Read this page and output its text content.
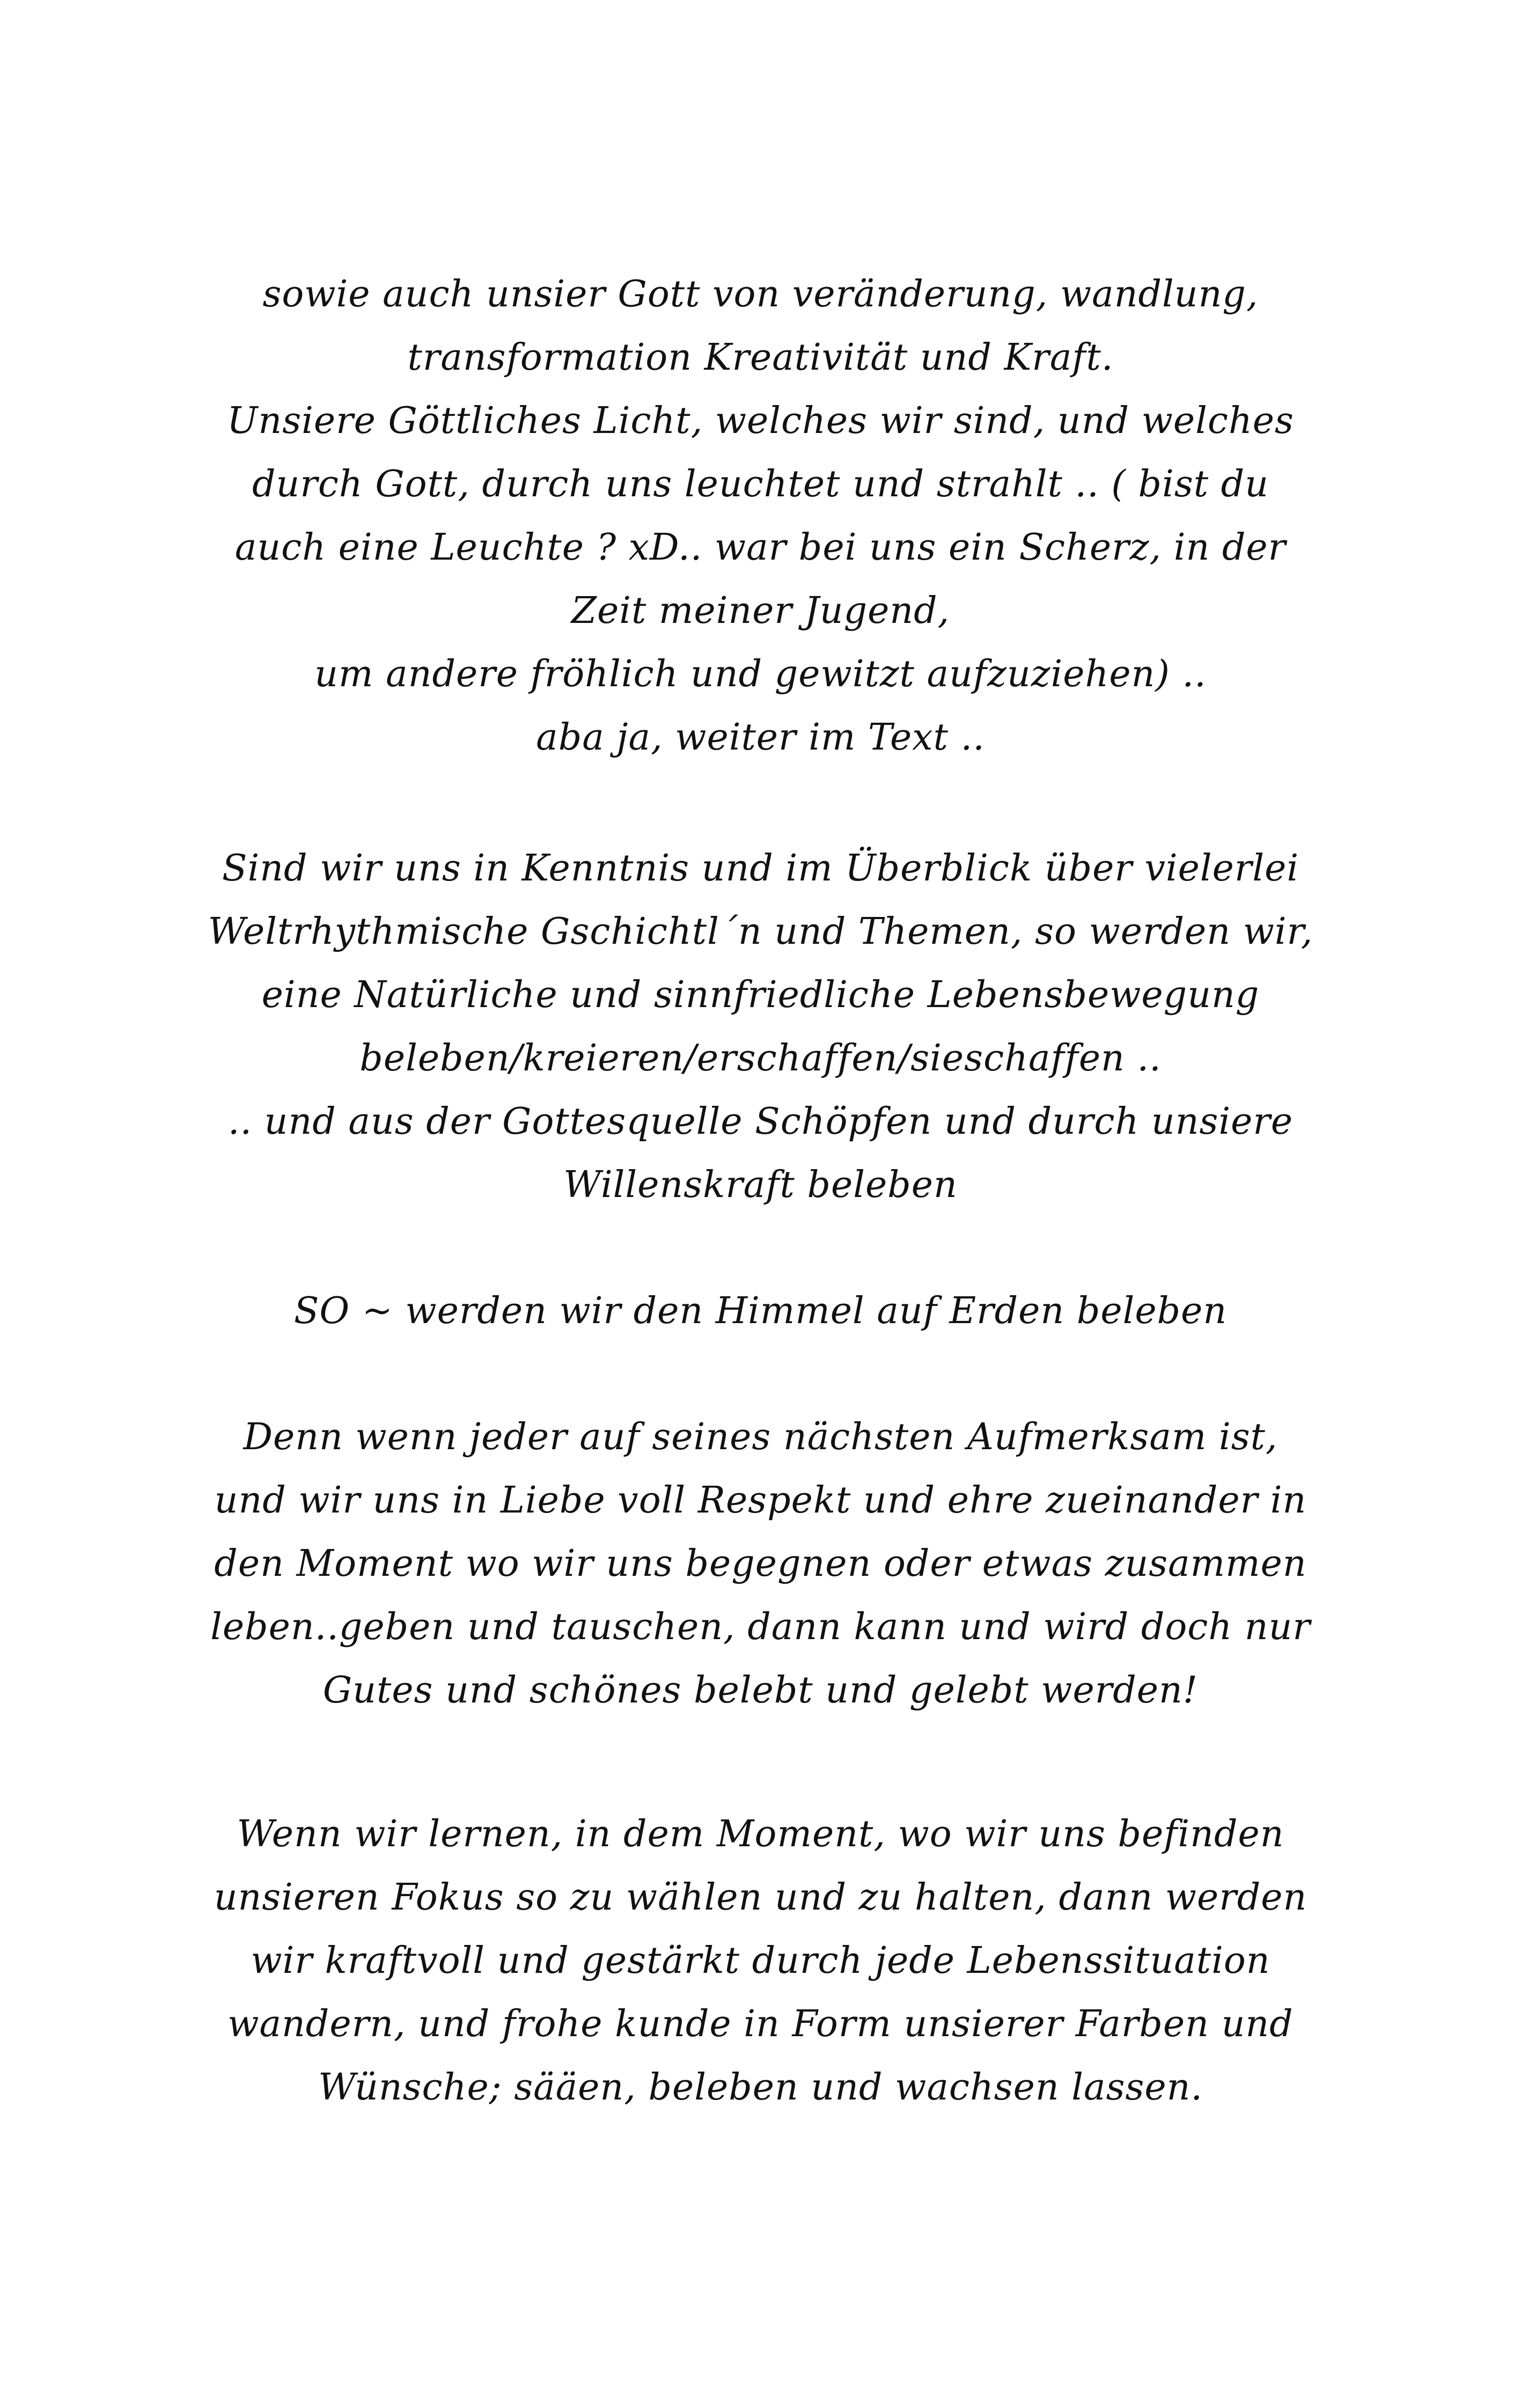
sowie auch unsier Gott von veränderung, wandlung,
transformation Kreativität und Kraft.
Unsiere Göttliches Licht, welches wir sind, und welches
durch Gott, durch uns leuchtet und strahlt .. ( bist du
auch eine Leuchte ? xD.. war bei uns ein Scherz, in der
Zeit meiner Jugend,
um andere fröhlich und gewitzt aufzuziehen) ..
aba ja, weiter im Text ..

Sind wir uns in Kenntnis und im Überblick über vielerlei
Weltrhythmische Gschichtl´n und Themen, so werden wir,
eine Natürliche und sinnfriedliche Lebensbewegung
beleben/kreieren/erschaffen/sieschaffen ..
.. und aus der Gottesquelle Schöpfen und durch unsiere
Willenskraft beleben

SO ~ werden wir den Himmel auf Erden beleben

Denn wenn jeder auf seines nächsten Aufmerksam ist,
und wir uns in Liebe voll Respekt und ehre zueinander in
den Moment wo wir uns begegnen oder etwas zusammen
leben..geben und tauschen, dann kann und wird doch nur
Gutes und schönes belebt und gelebt werden!

Wenn wir lernen, in dem Moment, wo wir uns befinden
unsieren Fokus so zu wählen und zu halten, dann werden
wir kraftvoll und gestärkt durch jede Lebenssituation
wandern, und frohe kunde in Form unsierer Farben und
Wünsche; sääen, beleben und wachsen lassen.
